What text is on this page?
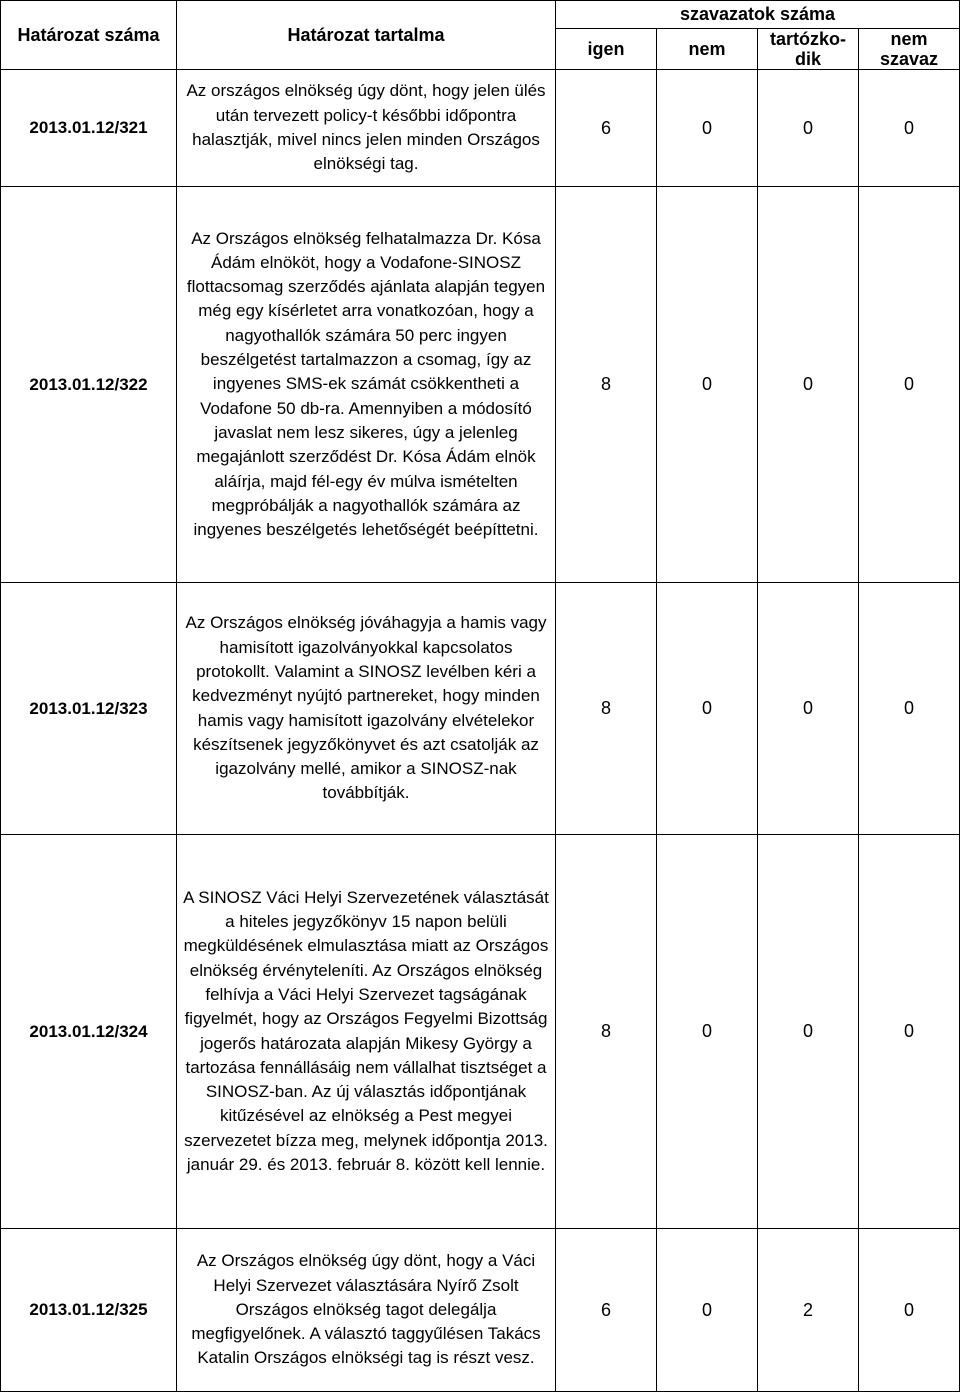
Határozat száma	Határozat tartalma	szavazatok száma			
		igen	nem	tartózko-dik	nem szavaz
2013.01.12/321	Az országos elnökség úgy dönt, hogy jelen ülés után tervezett policy-t későbbi időpontra halasztják, mivel nincs jelen minden Országos elnökségi tag.	6	0	0	0
2013.01.12/322	Az Országos elnökség felhatalmazza Dr. Kósa Ádám elnököt, hogy a Vodafone-SINOSZ flottacsomag szerződés ajánlata alapján tegyen még egy kísérletet arra vonatkozóan, hogy a nagyothallók számára 50 perc ingyen beszélgetést tartalmazzon a csomag, így az ingyenes SMS-ek számát csökkentheti a Vodafone 50 db-ra. Amennyiben a módosító javaslat nem lesz sikeres, úgy a jelenleg megajánlott szerződést Dr. Kósa Ádám elnök aláírja, majd fél-egy év múlva ismételten megpróbálják a nagyothallók számára az ingyenes beszélgetés lehetőségét beépíttetni.	8	0	0	0
2013.01.12/323	Az Országos elnökség jóváhagyja a hamis vagy hamisított igazolványokkal kapcsolatos protokollt. Valamint a SINOSZ levélben kéri a kedvezményt nyújtó partnereket, hogy minden hamis vagy hamisított igazolvány elvételekor készítsenek jegyzőkönyvet és azt csatolják az igazolvány mellé, amikor a SINOSZ-nak továbbítják.	8	0	0	0
2013.01.12/324	A SINOSZ Váci Helyi Szervezetének választását a hiteles jegyzőkönyv 15 napon belüli megküldésének elmulasztása miatt az Országos elnökség érvényteleníti. Az Országos elnökség felhívja a Váci Helyi Szervezet tagságának figyelmét, hogy az Országos Fegyelmi Bizottság jogerős határozata alapján Mikesy György a tartozása fennállásáig nem vállalhat tisztséget a SINOSZ-ban. Az új választás időpontjának kitűzésével az elnökség a Pest megyei szervezetet bízza meg, melynek időpontja 2013. január 29. és 2013. február 8. között kell lennie.	8	0	0	0
2013.01.12/325	Az Országos elnökség úgy dönt, hogy a Váci Helyi Szervezet választására Nyírő Zsolt Országos elnökség tagot delegálja megfigyelőnek. A választó taggyűlésen Takács Katalin Országos elnökségi tag is részt vesz.	6	0	2	0
